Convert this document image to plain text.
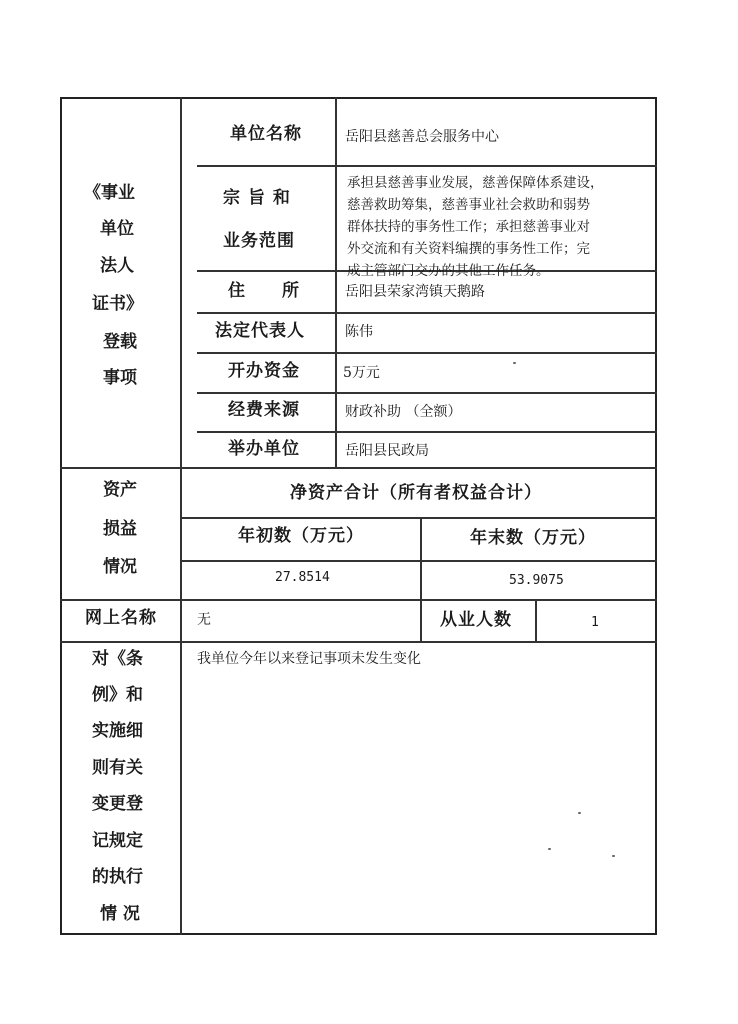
《事业
单位
法人
证书》
登载
事项
单位名称	岳阳县慈善总会服务中心
宗 旨 和
业务范围
承担县慈善事业发展，慈善保障体系建设，
慈善救助筹集，慈善事业社会救助和弱势
群体扶持的事务性工作；承担慈善事业对
外交流和有关资料编撰的事务性工作；完
成主管部门交办的其他工作任务。
住　　所	岳阳县荣家湾镇天鹅路
法定代表人	陈伟
开办资金	5万元
经费来源	财政补助 （全额）
举办单位	岳阳县民政局
资产
损益
情况
净资产合计（所有者权益合计）
年初数（万元）	年末数（万元）
27.8514	53.9075
网上名称	无	从业人数	1
对《条
例》和
实施细
则有关
变更登
记规定
的执行
情 况
我单位今年以来登记事项未发生变化
